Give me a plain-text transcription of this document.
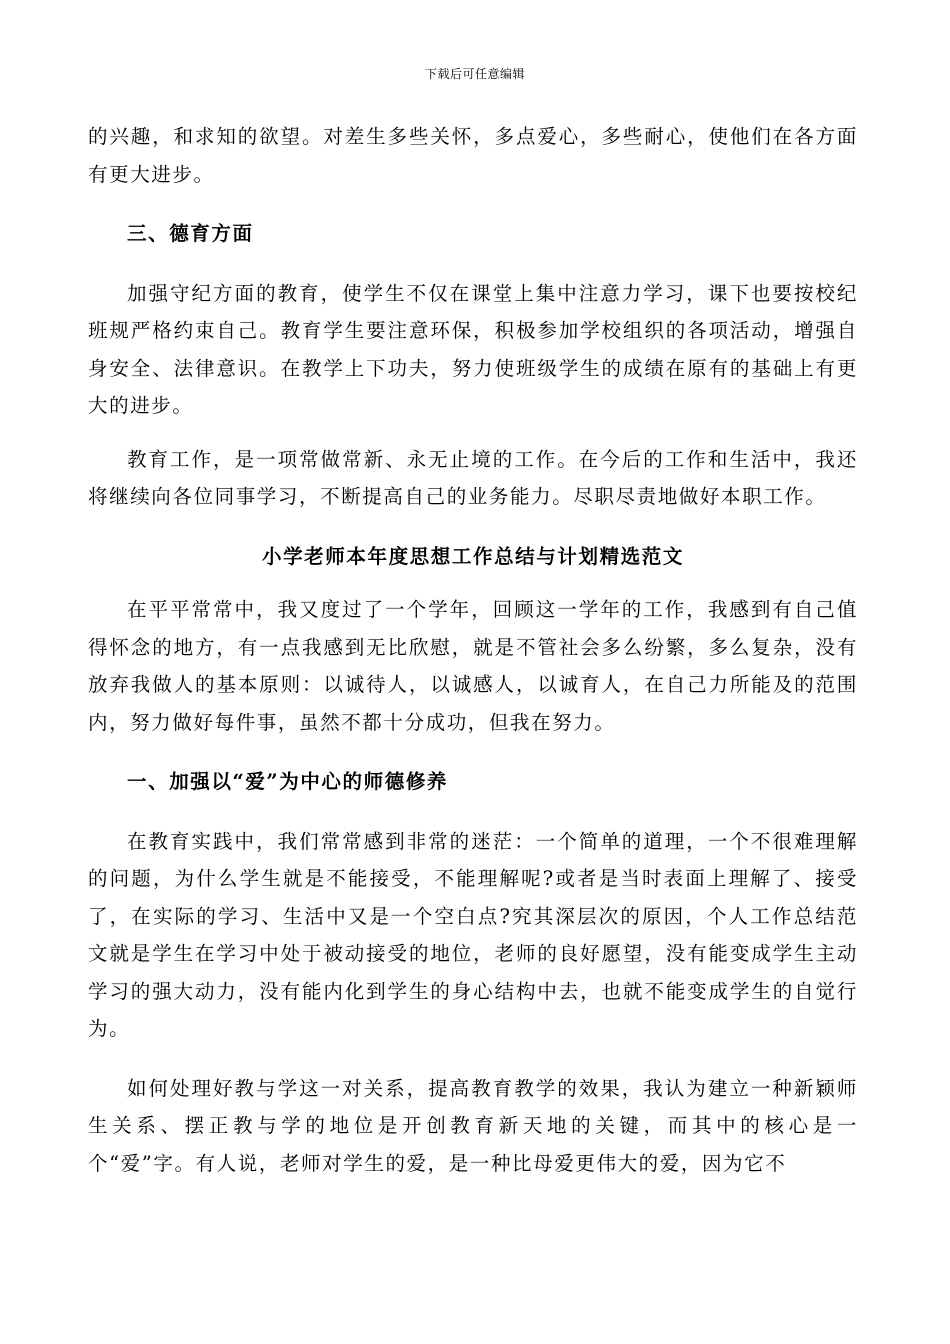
下载后可任意编辑

的兴趣，和求知的欲望。对差生多些关怀，多点爱心，多些耐心，使他们在各方面有更大进步。

三、德育方面

加强守纪方面的教育，使学生不仅在课堂上集中注意力学习，课下也要按校纪班规严格约束自己。教育学生要注意环保，积极参加学校组织的各项活动，增强自身安全、法律意识。在教学上下功夫，努力使班级学生的成绩在原有的基础上有更大的进步。

教育工作，是一项常做常新、永无止境的工作。在今后的工作和生活中，我还将继续向各位同事学习，不断提高自己的业务能力。尽职尽责地做好本职工作。

小学老师本年度思想工作总结与计划精选范文

在平平常常中，我又度过了一个学年，回顾这一学年的工作，我感到有自己值得怀念的地方，有一点我感到无比欣慰，就是不管社会多么纷繁，多么复杂，没有放弃我做人的基本原则：以诚待人，以诚感人，以诚育人，在自己力所能及的范围内，努力做好每件事，虽然不都十分成功，但我在努力。

一、加强以“爱”为中心的师德修养

在教育实践中，我们常常感到非常的迷茫：一个简单的道理，一个不很难理解的问题，为什么学生就是不能接受，不能理解呢?或者是当时表面上理解了、接受了，在实际的学习、生活中又是一个空白点?究其深层次的原因，个人工作总结范文就是学生在学习中处于被动接受的地位，老师的良好愿望，没有能变成学生主动学习的强大动力，没有能内化到学生的身心结构中去，也就不能变成学生的自觉行为。

如何处理好教与学这一对关系，提高教育教学的效果，我认为建立一种新颖师生关系、摆正教与学的地位是开创教育新天地的关键，而其中的核心是一个“爱”字。有人说，老师对学生的爱，是一种比母爱更伟大的爱，因为它不
